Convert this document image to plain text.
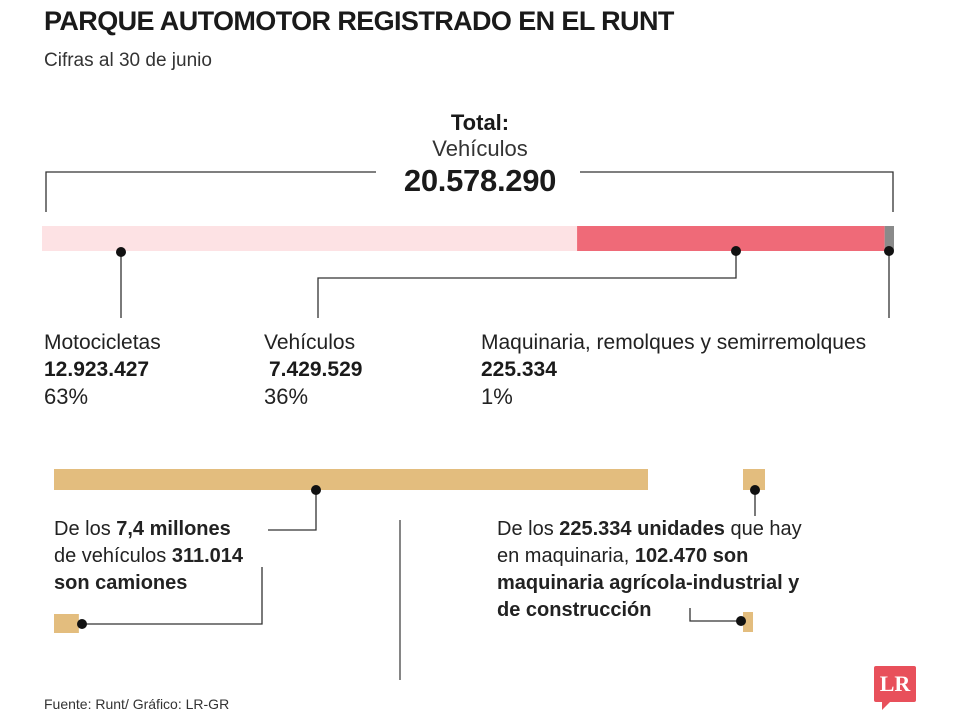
PARQUE AUTOMOTOR REGISTRADO EN EL RUNT
Cifras al 30 de junio
Total:
Vehículos
20.578.290
Motocicletas
12.923.427
63%
Vehículos
7.429.529
36%
Maquinaria, remolques y semirremolques
225.334
1%
De los 7,4 millones
de vehículos 311.014
son camiones
De los 225.334 unidades que hay
en maquinaria, 102.470 son
maquinaria agrícola-industrial y
de construcción
Fuente: Runt/ Gráfico: LR-GR
LR
